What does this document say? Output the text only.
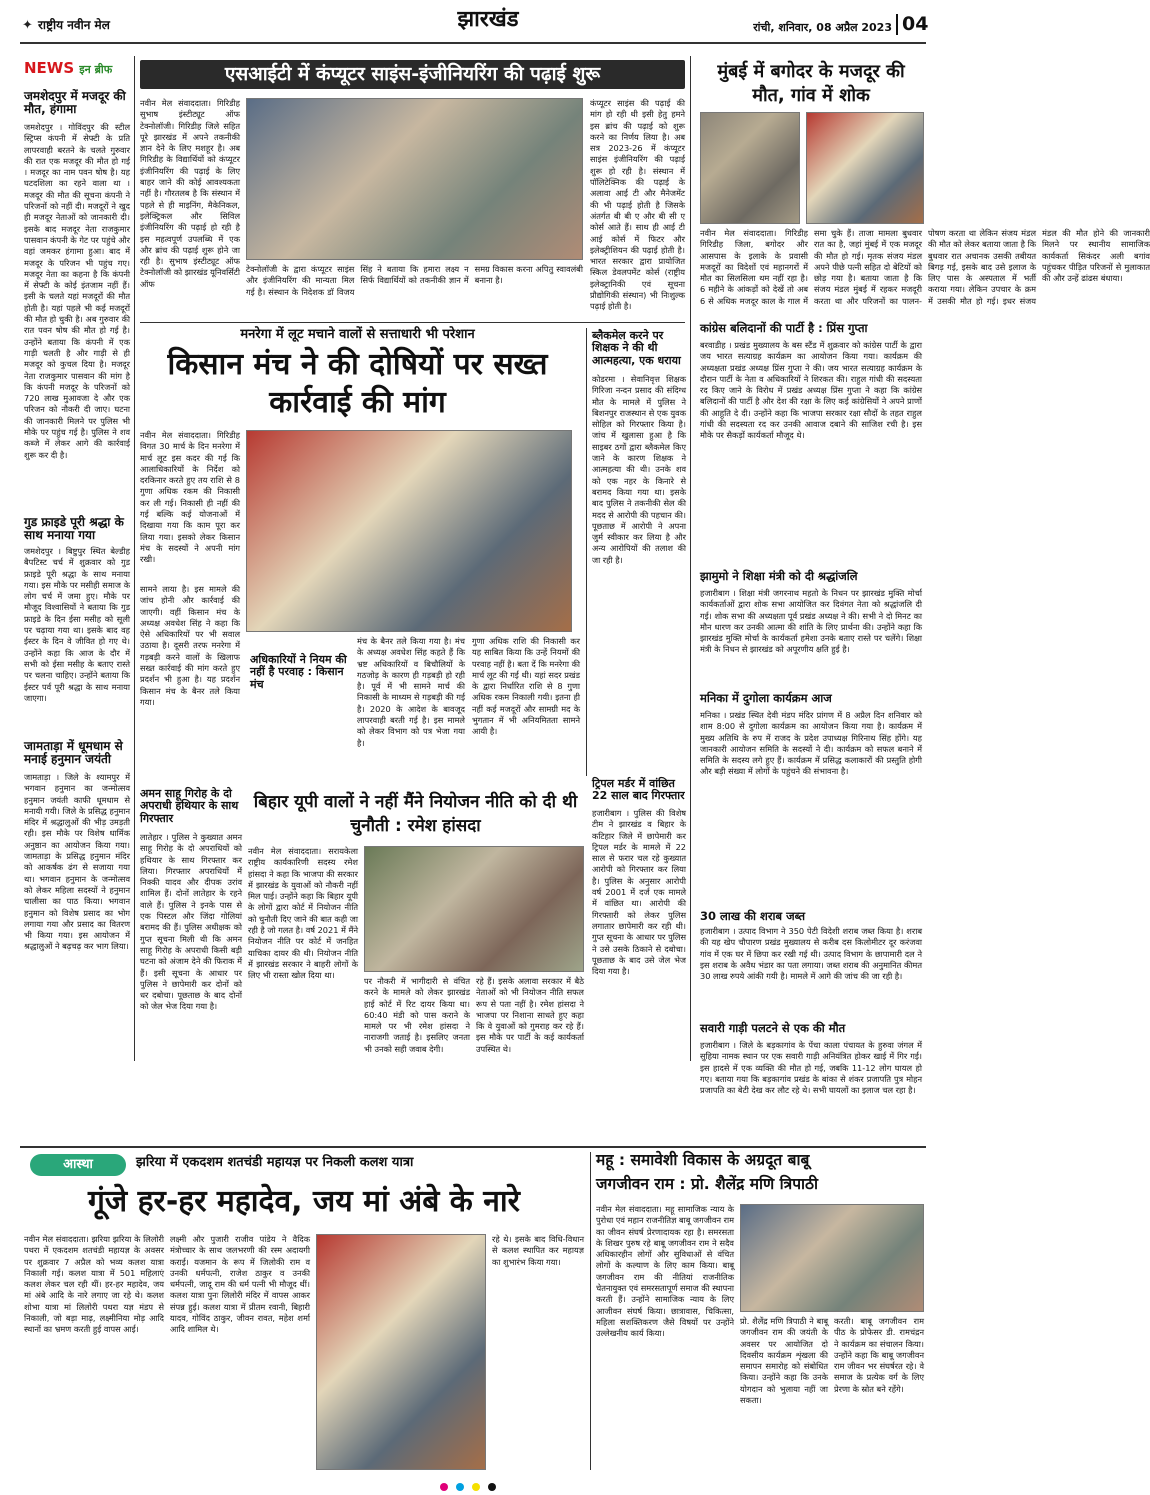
✦ राष्ट्रीय नवीन मेल	झारखंड	रांची, शनिवार, 08 अप्रैल 2023 04
NEWS इन ब्रीफ
जमशेदपुर में मजदूर की मौत, हंगामा
जमशेदपुर । गोविंदपुर की स्टील स्ट्रिप्स कंपनी में सेफ्टी के प्रति लापरवाही बरतने के चलते गुरुवार की रात एक मजदूर की मौत हो गई । मजदूर का नाम पवन षोष है। यह घटदशिला का रहने वाला था । मजदूर की मौत की सूचना कंपनी ने परिजनों को नहीं दी। मजदूरों ने खुद ही मजदूर नेताओं को जानकारी दी। इसके बाद मजदूर नेता राजकुमार पासवान कंपनी के गेट पर पहुंचे और वहां जमकर हंगामा हुआ। बाद में मजदूर के परिजन भी पहुंच गए। मजदूर नेता का कहना है कि कंपनी में सेफ्टी के कोई इंतजाम नहीं हैं। इसी के चलते यहां मजदूरों की मौत होती है। यहां पहले भी कई मजदूरों की मौत हो चुकी है। अब गुरुवार की रात पवन षोष की मौत हो गई है। उन्होंने बताया कि कंपनी में एक गाड़ी चलती है और गाड़ी से ही मजदूर को कुचल दिया है। मजदूर नेता राजकुमार पासवान की मांग है कि कंपनी मजदूर के परिजनों को 720 लाख मुआवजा दे और एक परिजन को नौकरी दी जाए। घटना की जानकारी मिलने पर पुलिस भी मौके पर पहुंच गई है। पुलिस ने शव कब्जे में लेकर आगे की कार्रवाई शुरू कर दी है।
गुड फ्राइडे पूरी श्रद्धा के साथ मनाया गया
जमशेदपुर । बिष्टुपुर स्थित बेल्डीह बैपटिस्ट चर्च में शुक्रवार को गुड फ्राइडे पूरी श्रद्धा के साथ मनाया गया। इस मौके पर मसीही समाज के लोग चर्च में जमा हुए। मौके पर मौजूद विश्वासियों ने बताया कि गुड फ्राइडे के दिन ईसा मसीह को सूली पर चढ़ाया गया था। इसके बाद वह ईस्टर के दिन वे जीवित हो गए थे। उन्होंने कहा कि आज के दौर में सभी को ईसा मसीह के बताए रास्ते पर चलना चाहिए। उन्होंने बताया कि ईस्टर पर्व पूरी श्रद्धा के साथ मनाया जाएगा।
जामताड़ा में धूमधाम से मनाई हनुमान जयंती
जामताड़ा । जिले के श्यामपुर में भगवान हनुमान का जन्मोत्सव हनुमान जयंती काफी धूमधाम से मनायी गयी। जिले के प्रसिद्ध हनुमान मंदिर में श्रद्धालुओं की भीड़ उमड़ती रही। इस मौके पर विशेष धार्मिक अनुष्ठान का आयोजन किया गया। जामताड़ा के प्रसिद्ध हनुमान मंदिर को आकर्षक ढंग से सजाया गया था। भगवान हनुमान के जन्मोत्सव को लेकर महिला सदस्यों ने हनुमान चालीसा का पाठ किया। भगवान हनुमान को विशेष प्रसाद का भोग लगाया गया और प्रसाद का वितरण भी किया गया। इस आयोजन में श्रद्धालुओं ने बढ़चढ़ कर भाग लिया।
एसआईटी में कंप्यूटर साइंस-इंजीनियरिंग की पढ़ाई शुरू
नवीन मेल संवाददाता। गिरिडीह सुभाष इंस्टीट्यूट ऑफ टेक्नोलॉजी। गिरिडीह जिले सहित पूरे झारखंड में अपने तकनीकी ज्ञान देने के लिए मशहूर है। अब गिरिडीह के विद्यार्थियों को कंप्यूटर इंजीनियरिंग की पढ़ाई के लिए बाहर जाने की कोई आवश्यकता नहीं है। गौरतलब है कि संस्थान में पहले से ही माइनिंग, मैकेनिकल, इलेक्ट्रिकल और सिविल इंजीनियरिंग की पढ़ाई हो रही है इस महत्वपूर्ण उपलब्धि में एक और ब्रांच की पढ़ाई शुरू होने जा रही है। सुभाष इंस्टीट्यूट ऑफ टेक्नोलॉजी को झारखंड यूनिवर्सिटी ऑफ
टेक्नोलॉजी के द्वारा कंप्यूटर साइंस और इंजीनियरिंग की मान्यता मिल गई है। संस्थान के निदेशक डॉ विजय सिंह ने बताया कि हमारा लक्ष्य न सिर्फ विद्यार्थियों को तकनीकी ज्ञान में समग्र विकास करना अपितु स्वावलंबी बनाना है।
कंप्यूटर साइंस की पढ़ाई की मांग हो रही थी इसी हेतु हमने इस ब्रांच की पढ़ाई को शुरू करने का निर्णय लिया है। अब सत्र 2023-26 में कंप्यूटर साइंस इंजीनियरिंग की पढ़ाई शुरू हो रही है। संस्थान में पॉलिटेक्निक की पढ़ाई के अलावा आई टी और मैनेजमेंट की भी पढ़ाई होती है जिसके अंतर्गत बी बी ए और बी सी ए कोर्स आते हैं। साथ ही आई टी आई कोर्स में फिटर और इलेक्ट्रीशियन की पढ़ाई होती है। भारत सरकार द्वारा प्रायोजित स्किल डेवलपमेंट कोर्स (राष्ट्रीय इलेक्ट्रानिकी एवं सूचना प्रौद्योगिकी संस्थान) भी निःशुल्क पढ़ाई होती है।
मनरेगा में लूट मचाने वालों से सत्ताधारी भी परेशान
किसान मंच ने की दोषियों पर सख्त कार्रवाई की मांग
नवीन मेल संवाददाता। गिरिडीह विगत 30 मार्च के दिन मनरेगा में मार्च लूट इस कदर की गई कि आलाधिकारियों के निर्देश को दरकिनार करते हुए तय राशि से 8 गुणा अधिक रकम की निकासी कर ली गई। निकासी ही नहीं की गई बल्कि कई योजनाओं में दिखाया गया कि काम पूरा कर लिया गया। इसको लेकर किसान मंच के सदस्यों ने अपनी मांग रखी।
सामने लाया है। इस मामले की जांच होनी और कार्रवाई की जाएगी। वहीं किसान मंच के अध्यक्ष अवधेश सिंह ने कहा कि ऐसे अधिकारियों पर भी सवाल उठाया है। दूसरी तरफ मनरेगा में गड़बड़ी करने वालों के खिलाफ सख्त कार्रवाई की मांग करते हुए प्रदर्शन भी हुआ है। यह प्रदर्शन किसान मंच के बैनर तले किया गया।
अधिकारियों ने नियम की नहीं है परवाह : किसान मंच
मंच के बैनर तले किया गया है। मंच के अध्यक्ष अवधेश सिंह कहते हैं कि भ्रष्ट अधिकारियों व बिचौलियों के गठजोड़ के कारण ही गड़बड़ी हो रही है। पूर्व में भी सामने मार्च की निकासी के माध्यम से गड़बड़ी की गई है। 2020 के आदेश के बावजूद लापरवाही बरती गई है। इस मामले को लेकर विभाग को पत्र भेजा गया है।
गुणा अधिक राशि की निकासी कर यह साबित किया कि उन्हें नियमों की परवाह नहीं है। बता दें कि मनरेगा की मार्च लूट की गई थी। यहां सदर प्रखंड के द्वारा निर्धारित राशि से 8 गुणा अधिक रकम निकाली गयी। इतना ही नहीं कई मजदूरों और सामग्री मद के भुगतान में भी अनियमितता सामने आयी है।
ब्लैकमेल करने पर शिक्षक ने की थी आत्महत्या, एक धराया
कोडरमा । सेवानिवृत्त शिक्षक गिरिजा नन्दन प्रसाद की संदिग्ध मौत के मामले में पुलिस ने बिशनपुर राजस्थान से एक युवक सोहिल को गिरफ्तार किया है। जांच में खुलासा हुआ है कि साइबर ठगों द्वारा ब्लैकमेल किए जाने के कारण शिक्षक ने आत्महत्या की थी। उनके शव को एक नहर के किनारे से बरामद किया गया था। इसके बाद पुलिस ने तकनीकी सेल की मदद से आरोपी की पहचान की। पूछताछ में आरोपी ने अपना जुर्म स्वीकार कर लिया है और अन्य आरोपियों की तलाश की जा रही है।
ट्रिपल मर्डर में वांछित 22 साल बाद गिरफ्तार
हजारीबाग । पुलिस की विशेष टीम ने झारखंड व बिहार के कटिहार जिले में छापेमारी कर ट्रिपल मर्डर के मामले में 22 साल से फरार चल रहे कुख्यात आरोपी को गिरफ्तार कर लिया है। पुलिस के अनुसार आरोपी वर्ष 2001 में दर्ज एक मामले में वांछित था। आरोपी की गिरफ्तारी को लेकर पुलिस लगातार छापेमारी कर रही थी। गुप्त सूचना के आधार पर पुलिस ने उसे उसके ठिकाने से दबोचा। पूछताछ के बाद उसे जेल भेज दिया गया है।
अमन साहू गिरोह के दो अपराधी हथियार के साथ गिरफ्तार
लातेहार । पुलिस ने कुख्यात अमन साहू गिरोह के दो अपराधियों को हथियार के साथ गिरफ्तार कर लिया। गिरफ्तार अपराधियों में निक्की यादव और दीपक उरांव शामिल हैं। दोनों लातेहार के रहने वाले हैं। पुलिस ने इनके पास से एक पिस्टल और जिंदा गोलियां बरामद की हैं। पुलिस अधीक्षक को गुप्त सूचना मिली थी कि अमन साहू गिरोह के अपराधी किसी बड़ी घटना को अंजाम देने की फिराक में हैं। इसी सूचना के आधार पर पुलिस ने छापेमारी कर दोनों को धर दबोचा। पूछताछ के बाद दोनों को जेल भेज दिया गया है।
बिहार यूपी वालों ने नहीं मैंने नियोजन नीति को दी थी चुनौती : रमेश हांसदा
नवीन मेल संवाददाता। सरायकेला राष्ट्रीय कार्यकारिणी सदस्य रमेश हांसदा ने कहा कि भाजपा की सरकार में झारखंड के युवाओं को नौकरी नहीं मिल पाई। उन्होंने कहा कि बिहार यूपी के लोगों द्वारा कोर्ट में नियोजन नीति को चुनौती दिए जाने की बात कही जा रही है जो गलत है। वर्ष 2021 में मैंने नियोजन नीति पर कोर्ट में जनहित याचिका दायर की थी। नियोजन नीति में झारखंड सरकार ने बाहरी लोगों के लिए भी रास्ता खोल दिया था।
पर नौकरी में भागीदारी से वंचित करने के मामले को लेकर झारखंड हाई कोर्ट में रिट दायर किया था। 60:40 मंडी को पास कराने के मामले पर भी रमेश हांसदा ने नाराजगी जताई है। इसलिए जनता भी उनको सही जवाब देगी।
रहे हैं। इसके अलावा सरकार में बैठे नेताओं को भी नियोजन नीति सफल रूप से पता नहीं है। रमेश हांसदा ने भाजपा पर निशाना साधते हुए कहा कि वे युवाओं को गुमराह कर रहे हैं। इस मौके पर पार्टी के कई कार्यकर्ता उपस्थित थे।
मुंबई में बगोदर के मजदूर की मौत, गांव में शोक
नवीन मेल संवाददाता। गिरिडीह गिरिडीह जिला, बगोदर और आसपास के इलाके के प्रवासी मजदूरों का विदेशों एवं महानगरों में मौत का सिलसिला थम नहीं रहा है। 6 महीने के आंकड़ों को देखें तो अब 6 से अधिक मजदूर काल के गाल में समा चुके हैं। ताजा मामला बुधवार रात का है, जहां मुंबई में एक मजदूर की मौत हो गई। मृतक संजय मंडल अपने पीछे पत्नी सहित दो बेटियों को छोड़ गया है। बताया जाता है कि संजय मंडल मुंबई में रहकर मजदूरी करता था और परिजनों का पालन-पोषण करता था लेकिन संजय मंडल की मौत को लेकर बताया जाता है कि बुधवार रात अचानक उसकी तबीयत बिगड़ गई, इसके बाद उसे इलाज के लिए पास के अस्पताल में भर्ती कराया गया। लेकिन उपचार के क्रम में उसकी मौत हो गई। इधर संजय मंडल की मौत होने की जानकारी मिलने पर स्थानीय सामाजिक कार्यकर्ता सिकंदर अली बगांव पहुंचकर पीड़ित परिजनों से मुलाकात की और उन्हें ढांढस बंधाया।
कांग्रेस बलिदानों की पार्टी है : प्रिंस गुप्ता
बरवाडीह । प्रखंड मुख्यालय के बस स्टैंड में शुक्रवार को कांग्रेस पार्टी के द्वारा जय भारत सत्याग्रह कार्यक्रम का आयोजन किया गया। कार्यक्रम की अध्यक्षता प्रखंड अध्यक्ष प्रिंस गुप्ता ने की। जय भारत सत्याग्रह कार्यक्रम के दौरान पार्टी के नेता व अधिकारियों ने शिरकत की। राहुल गांधी की सदस्यता रद किए जाने के विरोध में प्रखंड अध्यक्ष प्रिंस गुप्ता ने कहा कि कांग्रेस बलिदानों की पार्टी है और देश की रक्षा के लिए कई कांग्रेसियों ने अपने प्राणों की आहुति दे दी। उन्होंने कहा कि भाजपा सरकार रक्षा सौदों के तहत राहुल गांधी की सदस्यता रद कर उनकी आवाज दबाने की साजिश रची है। इस मौके पर सैकड़ों कार्यकर्ता मौजूद थे।
झामुमो ने शिक्षा मंत्री को दी श्रद्धांजलि
हजारीबाग । शिक्षा मंत्री जगरनाथ महतो के निधन पर झारखंड मुक्ति मोर्चा कार्यकर्ताओं द्वारा शोक सभा आयोजित कर दिवंगत नेता को श्रद्धांजलि दी गई। शोक सभा की अध्यक्षता पूर्व प्रखंड अध्यक्ष ने की। सभी ने दो मिनट का मौन धारण कर उनकी आत्मा की शांति के लिए प्रार्थना की। उन्होंने कहा कि झारखंड मुक्ति मोर्चा के कार्यकर्ता हमेशा उनके बताए रास्ते पर चलेंगे। शिक्षा मंत्री के निधन से झारखंड को अपूरणीय क्षति हुई है।
मनिका में दुगोला कार्यक्रम आज
मनिका । प्रखंड स्थित देवी मंडप मंदिर प्रांगण में 8 अप्रैल दिन शनिवार को शाम 8:00 से दुगोला कार्यक्रम का आयोजन किया गया है। कार्यक्रम में मुख्य अतिथि के रुप में राजद के प्रदेश उपाध्यक्ष गिरिनाथ सिंह होंगे। यह जानकारी आयोजन समिति के सदस्यों ने दी। कार्यक्रम को सफल बनाने में समिति के सदस्य लगे हुए हैं। कार्यक्रम में प्रसिद्ध कलाकारों की प्रस्तुति होगी और बड़ी संख्या में लोगों के पहुंचने की संभावना है।
30 लाख की शराब जब्त
हजारीबाग । उत्पाद विभाग ने 350 पेटी विदेशी शराब जब्त किया है। शराब की यह खेप चौपारण प्रखंड मुख्यालय से करीब दस किलोमीटर दूर करंजवा गांव में एक घर में छिपा कर रखी गई थी। उत्पाद विभाग के छापामारी दल ने इस शराब के अवैध भंडार का पता लगाया। जब्त शराब की अनुमानित कीमत 30 लाख रुपये आंकी गयी है। मामले में आगे की जांच की जा रही है।
सवारी गाड़ी पलटने से एक की मौत
हजारीबाग । जिले के बड़कागांव के पेंचा काला पंचायत के हुरुवा जंगल में सुहिया नामक स्थान पर एक सवारी गाड़ी अनियंत्रित होकर खाई में गिर गई। इस हादसे में एक व्यक्ति की मौत हो गई, जबकि 11-12 लोग घायल हो गए। बताया गया कि बड़कागांव प्रखंड के बांका से शंकर प्रजापति पुत्र मोहन प्रजापति का बेटी देख कर लौट रहे थे। सभी घायलों का इलाज चल रहा है।
आस्था	झरिया में एकदशम शतचंडी महायज्ञ पर निकली कलश यात्रा
गूंजे हर-हर महादेव, जय मां अंबे के नारे
नवीन मेल संवाददाता। झरिया झरिया के लिलोरी पथरा में एकदशम शतचंडी महायज्ञ के अवसर पर शुक्रवार 7 अप्रैल को भव्य कलश यात्रा निकाली गई। कलश यात्रा में 501 महिलाएं कलश लेकर चल रही थीं। हर-हर महादेव, जय मां अंबे आदि के नारे लगाए जा रहे थे। कलश शोभा यात्रा मां लिलोरी पथरा यज्ञ मंडप से निकाली, जो बड़ा माढ़, लक्ष्मीनिया मोड़ आदि स्थानों का भ्रमण करती हुई वापस आई।
लक्ष्मी और पुजारी राजीव पांडेय ने वैदिक मंत्रोच्चार के साथ जलभरणी की रस्म अदायगी कराई। यजमान के रूप में जिलोकी राम व उनकी धर्मपत्नी, राजेश ठाकुर व उनकी धर्मपत्नी, जादू राम की धर्म पत्नी भी मौजूद थीं। कलश यात्रा पुनः लिलोरी मंदिर में वापस आकर संपन्न हुई। कलश यात्रा में प्रीतम रवानी, बिहारी यादव, गोविंद ठाकुर, जीवन रावत, महेश शर्मा आदि शामिल थे।
रहे थे। इसके बाद विधि-विधान से कलश स्थापित कर महायज्ञ का शुभारंभ किया गया।
महू : समावेशी विकास के अग्रदूत बाबू
जगजीवन राम : प्रो. शैलेंद्र मणि त्रिपाठी
नवीन मेल संवाददाता। महू सामाजिक न्याय के पुरोधा एवं महान राजनीतिज्ञ बाबू जगजीवन राम का जीवन संघर्ष प्रेरणादायक रहा है। समरसता के शिखर पुरुष रहे बाबू जगजीवन राम ने सदैव अधिकारहीन लोगों और सुविधाओं से वंचित लोगों के कल्याण के लिए काम किया। बाबू जगजीवन राम की नीतियां राजनीतिक चेतनायुक्त एवं समरसतापूर्ण समाज की स्थापना करती हैं। उन्होंने सामाजिक न्याय के लिए आजीवन संघर्ष किया। छात्रावास, चिकित्सा, महिला सशक्तिकरण जैसे विषयों पर उन्होंने उल्लेखनीय कार्य किया।
प्रो. शैलेंद्र मणि त्रिपाठी ने बाबू जगजीवन राम की जयंती के अवसर पर आयोजित दो दिवसीय कार्यक्रम शृंखला की समापन समारोह को संबोधित किया। उन्होंने कहा कि उनके योगदान को भुलाया नहीं जा सकता।
करती। बाबू जगजीवन राम पीठ के प्रोफेसर डी. रामचंद्रन ने कार्यक्रम का संचालन किया। उन्होंने कहा कि बाबू जगजीवन राम जीवन भर संघर्षरत रहे। वे समाज के प्रत्येक वर्ग के लिए प्रेरणा के स्रोत बने रहेंगे।
